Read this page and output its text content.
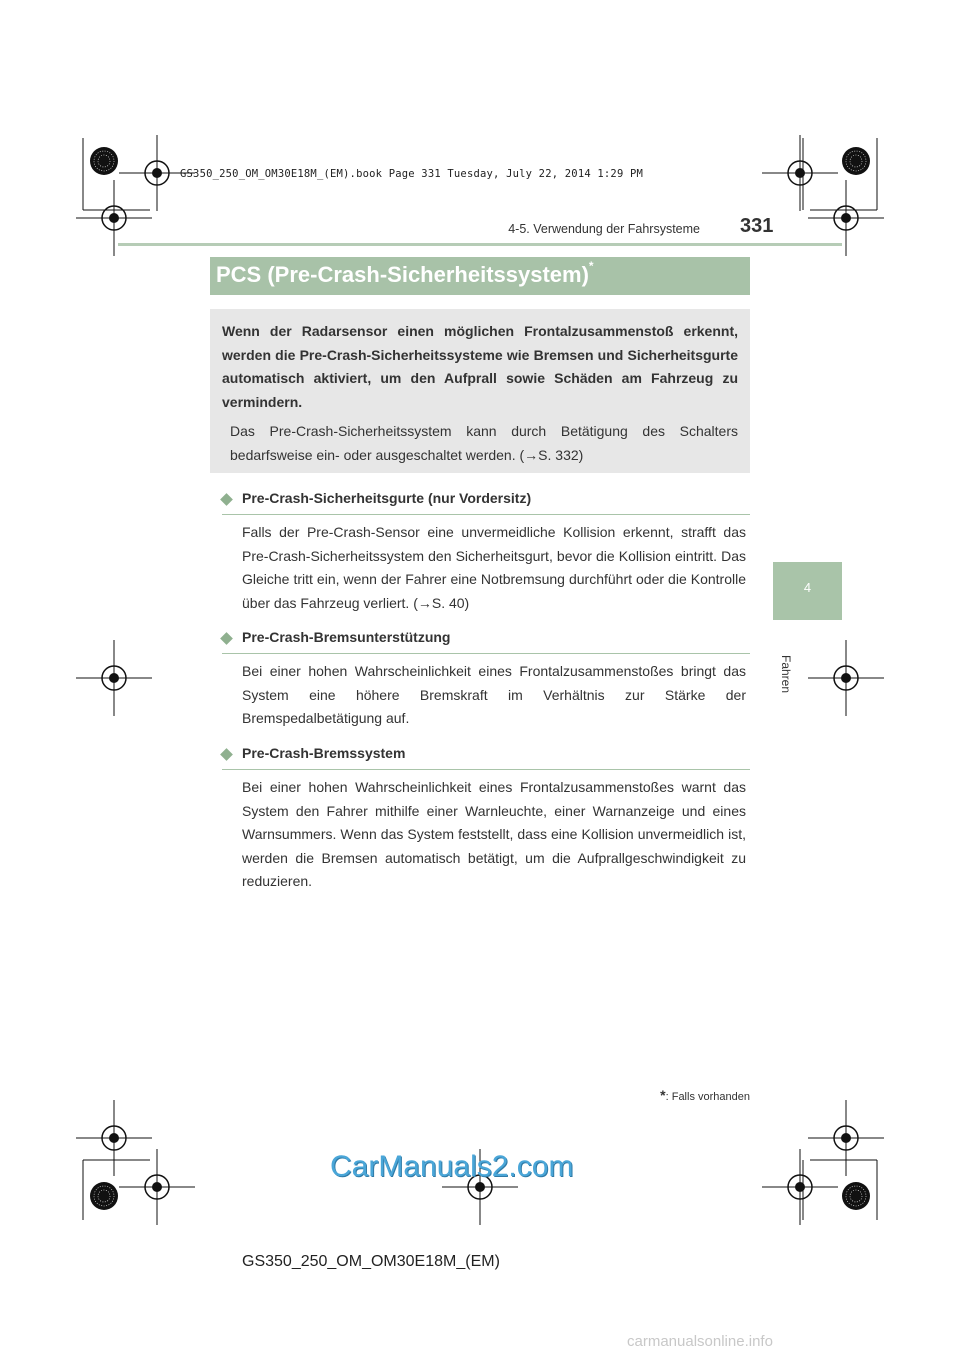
GS350_250_OM_OM30E18M_(EM).book Page 331 Tuesday, July 22, 2014 1:29 PM
4-5. Verwendung der Fahrsysteme 331
4
Fahren
PCS (Pre-Crash-Sicherheitssystem)*
Wenn der Radarsensor einen möglichen Frontalzusammenstoß erkennt, werden die Pre-Crash-Sicherheitssysteme wie Bremsen und Sicherheitsgurte automatisch aktiviert, um den Aufprall sowie Schäden am Fahrzeug zu vermindern.
Das Pre-Crash-Sicherheitssystem kann durch Betätigung des Schalters bedarfsweise ein- oder ausgeschaltet werden. (→S. 332)
Pre-Crash-Sicherheitsgurte (nur Vordersitz)
Falls der Pre-Crash-Sensor eine unvermeidliche Kollision erkennt, strafft das Pre-Crash-Sicherheitssystem den Sicherheitsgurt, bevor die Kollision eintritt. Das Gleiche tritt ein, wenn der Fahrer eine Notbremsung durchführt oder die Kontrolle über das Fahrzeug verliert. (→S. 40)
Pre-Crash-Bremsunterstützung
Bei einer hohen Wahrscheinlichkeit eines Frontalzusammenstoßes bringt das System eine höhere Bremskraft im Verhältnis zur Stärke der Bremspedalbetätigung auf.
Pre-Crash-Bremssystem
Bei einer hohen Wahrscheinlichkeit eines Frontalzusammenstoßes warnt das System den Fahrer mithilfe einer Warnleuchte, einer Warnanzeige und eines Warnsummers. Wenn das System feststellt, dass eine Kollision unvermeidlich ist, werden die Bremsen automatisch betätigt, um die Aufprallgeschwindigkeit zu reduzieren.
*: Falls vorhanden
CarManuals2.com
GS350_250_OM_OM30E18M_(EM)
carmanualsonline.info
